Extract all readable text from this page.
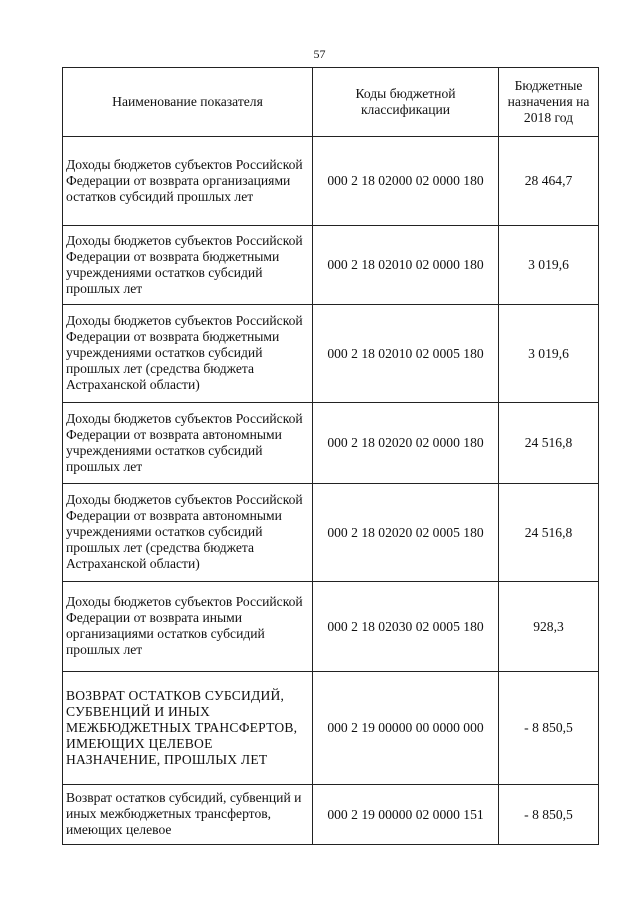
57
Наименование показателя	Коды бюджетной классификации	Бюджетные назначения на 2018 год
Доходы бюджетов субъектов Российской Федерации от возврата организациями остатков субсидий прошлых лет	000 2 18 02000 02 0000 180	28 464,7
Доходы бюджетов субъектов Российской Федерации от возврата бюджетными учреждениями остатков субсидий прошлых лет	000 2 18 02010 02 0000 180	3 019,6
Доходы бюджетов субъектов Российской Федерации от возврата бюджетными учреждениями остатков субсидий прошлых лет (средства бюджета Астраханской области)	000 2 18 02010 02 0005 180	3 019,6
Доходы бюджетов субъектов Российской Федерации от возврата автономными учреждениями остатков субсидий прошлых лет	000 2 18 02020 02 0000 180	24 516,8
Доходы бюджетов субъектов Российской Федерации от возврата автономными учреждениями остатков субсидий прошлых лет (средства бюджета Астраханской области)	000 2 18 02020 02 0005 180	24 516,8
Доходы бюджетов субъектов Российской Федерации от возврата иными организациями остатков субсидий прошлых лет	000 2 18 02030 02 0005 180	928,3
ВОЗВРАТ ОСТАТКОВ СУБСИДИЙ, СУБВЕНЦИЙ И ИНЫХ МЕЖБЮДЖЕТНЫХ ТРАНСФЕРТОВ, ИМЕЮЩИХ ЦЕЛЕВОЕ НАЗНАЧЕНИЕ, ПРОШЛЫХ ЛЕТ	000 2 19 00000 00 0000 000	- 8 850,5
Возврат остатков субсидий, субвенций и иных межбюджетных трансфертов, имеющих целевое	000 2 19 00000 02 0000 151	- 8 850,5
